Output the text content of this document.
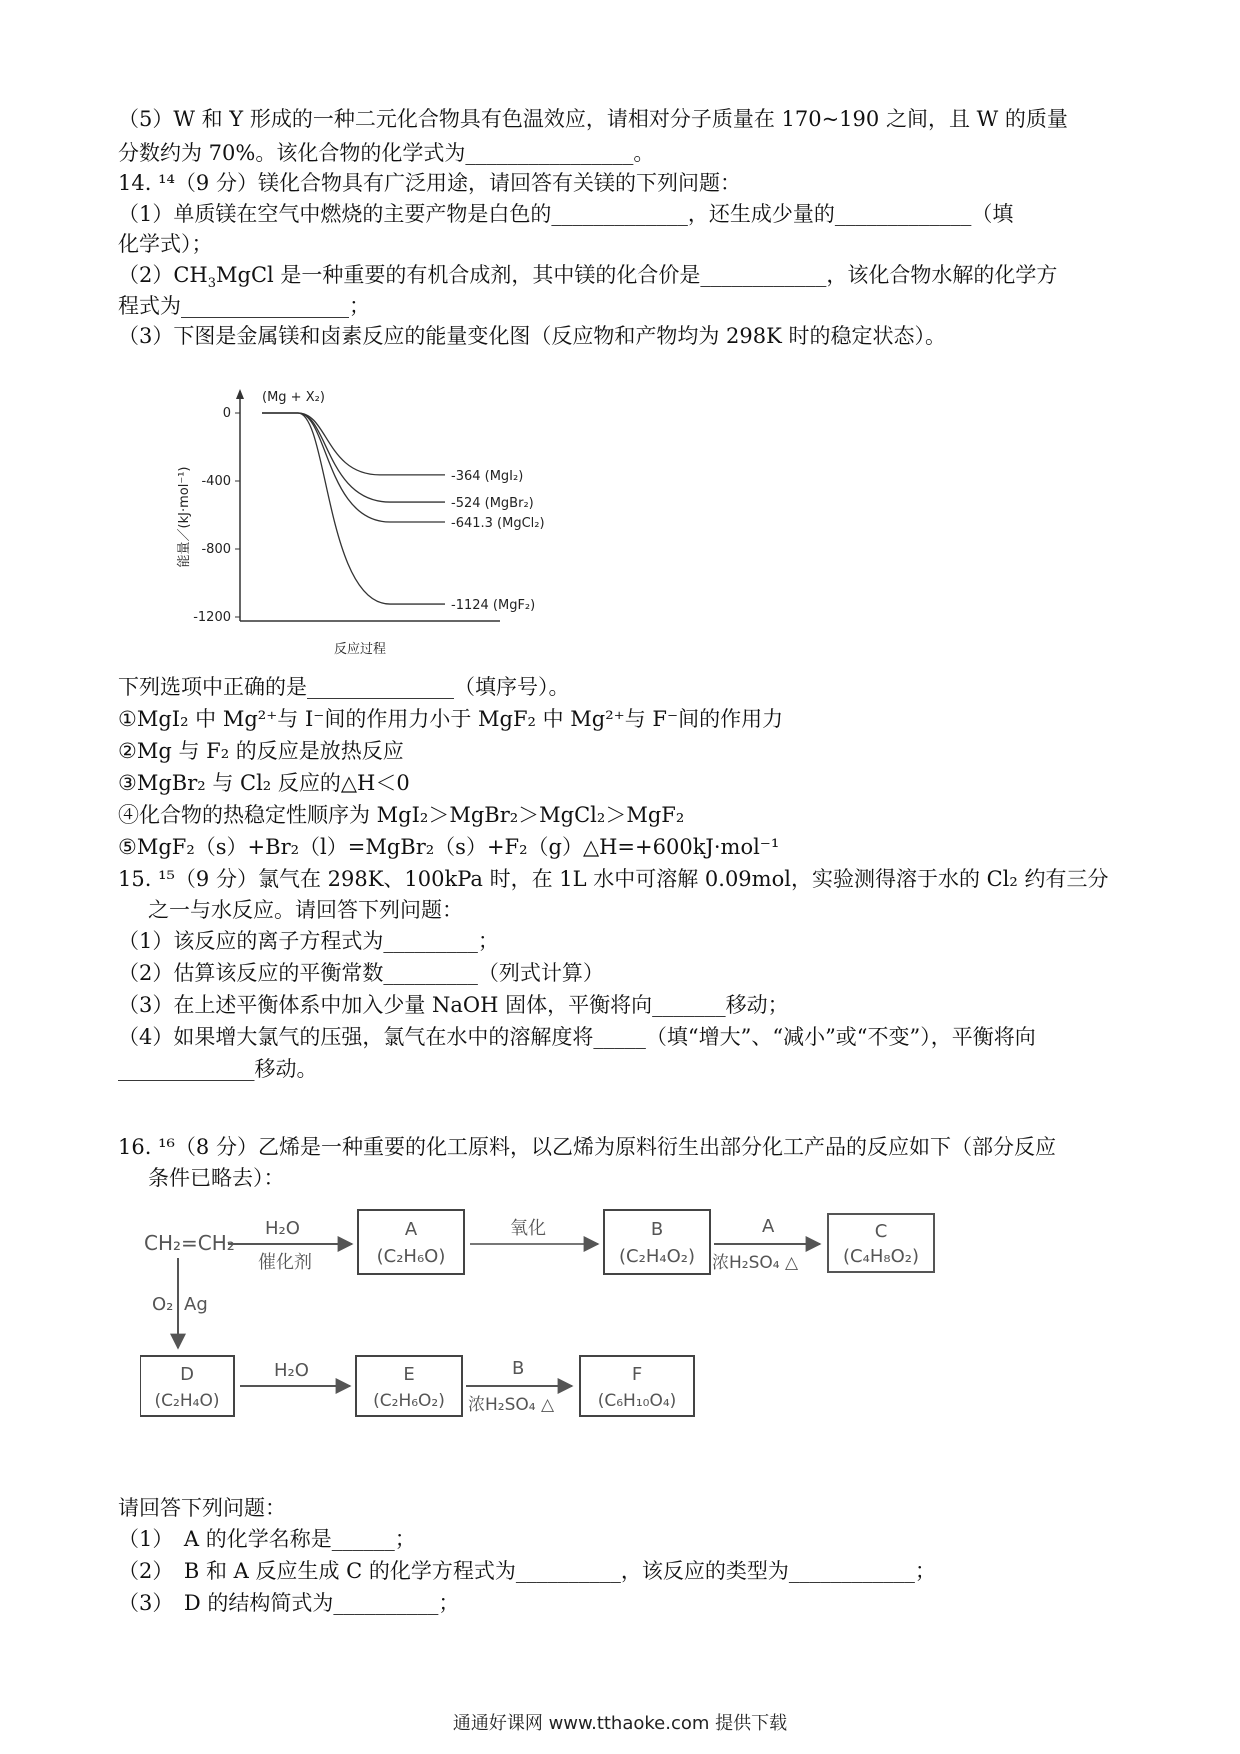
（5）W 和 Y 形成的一种二元化合物具有色温效应，请相对分子质量在 170~190 之间，且 W 的质量
分数约为 70%。该化合物的化学式为________________。
14. ¹⁴（9 分）镁化合物具有广泛用途，请回答有关镁的下列问题：
（1）单质镁在空气中燃烧的主要产物是白色的_____________，还生成少量的_____________（填
化学式）；
$(2)CH_3MgCl$ 是一种重要的有机合成剂，其中镁的化合价是____________，该化合物水解的化学方
程式为________________；
（3）下图是金属镁和卤素反应的能量变化图（反应物和产物均为 298K 时的稳定状态）。
0
-400
-800
-1200
(Mg + X₂)
能量／(kJ·mol⁻¹)
反应过程
-364 (MgI₂)
-524 (MgBr₂)
-641.3 (MgCl₂)
-1124 (MgF₂)
下列选项中正确的是______________（填序号）。
①MgI₂ 中 Mg²⁺与 I⁻间的作用力小于 MgF₂ 中 Mg²⁺与 F⁻间的作用力
②Mg 与 F₂ 的反应是放热反应
③MgBr₂ 与 Cl₂ 反应的△H＜0
④化合物的热稳定性顺序为 MgI₂＞MgBr₂＞MgCl₂＞MgF₂
⑤MgF₂（s）+Br₂（l）=MgBr₂（s）+F₂（g）△H=+600kJ·mol⁻¹
15. ¹⁵（9 分）氯气在 298K、100kPa 时，在 1L 水中可溶解 0.09mol，实验测得溶于水的 Cl₂ 约有三分
之一与水反应。请回答下列问题：
（1）该反应的离子方程式为_________；
（2）估算该反应的平衡常数_________（列式计算）
（3）在上述平衡体系中加入少量 NaOH 固体，平衡将向_______移动；
（4）如果增大氯气的压强，氯气在水中的溶解度将_____（填“增大”、“减小”或“不变”），平衡将向
_____________移动。
16. ¹⁶（8 分）乙烯是一种重要的化工原料，以乙烯为原料衍生出部分化工产品的反应如下（部分反应
条件已略去）：
CH₂=CH₂
H₂O
催化剂
A
(C₂H₆O)
氧化	B
(C₂H₄O₂)
A
浓H₂SO₄ △
C
(C₄H₈O₂)
O₂ Ag
D
(C₂H₄O)
H₂O	E
(C₂H₆O₂)
B
浓H₂SO₄ △
F
(C₆H₁₀O₄)
请回答下列问题：
（1）　A 的化学名称是______；
（2）　B 和 A 反应生成 C 的化学方程式为__________，该反应的类型为____________；
（3）　D 的结构简式为__________；
通通好课网 www.tthaoke.com 提供下载
